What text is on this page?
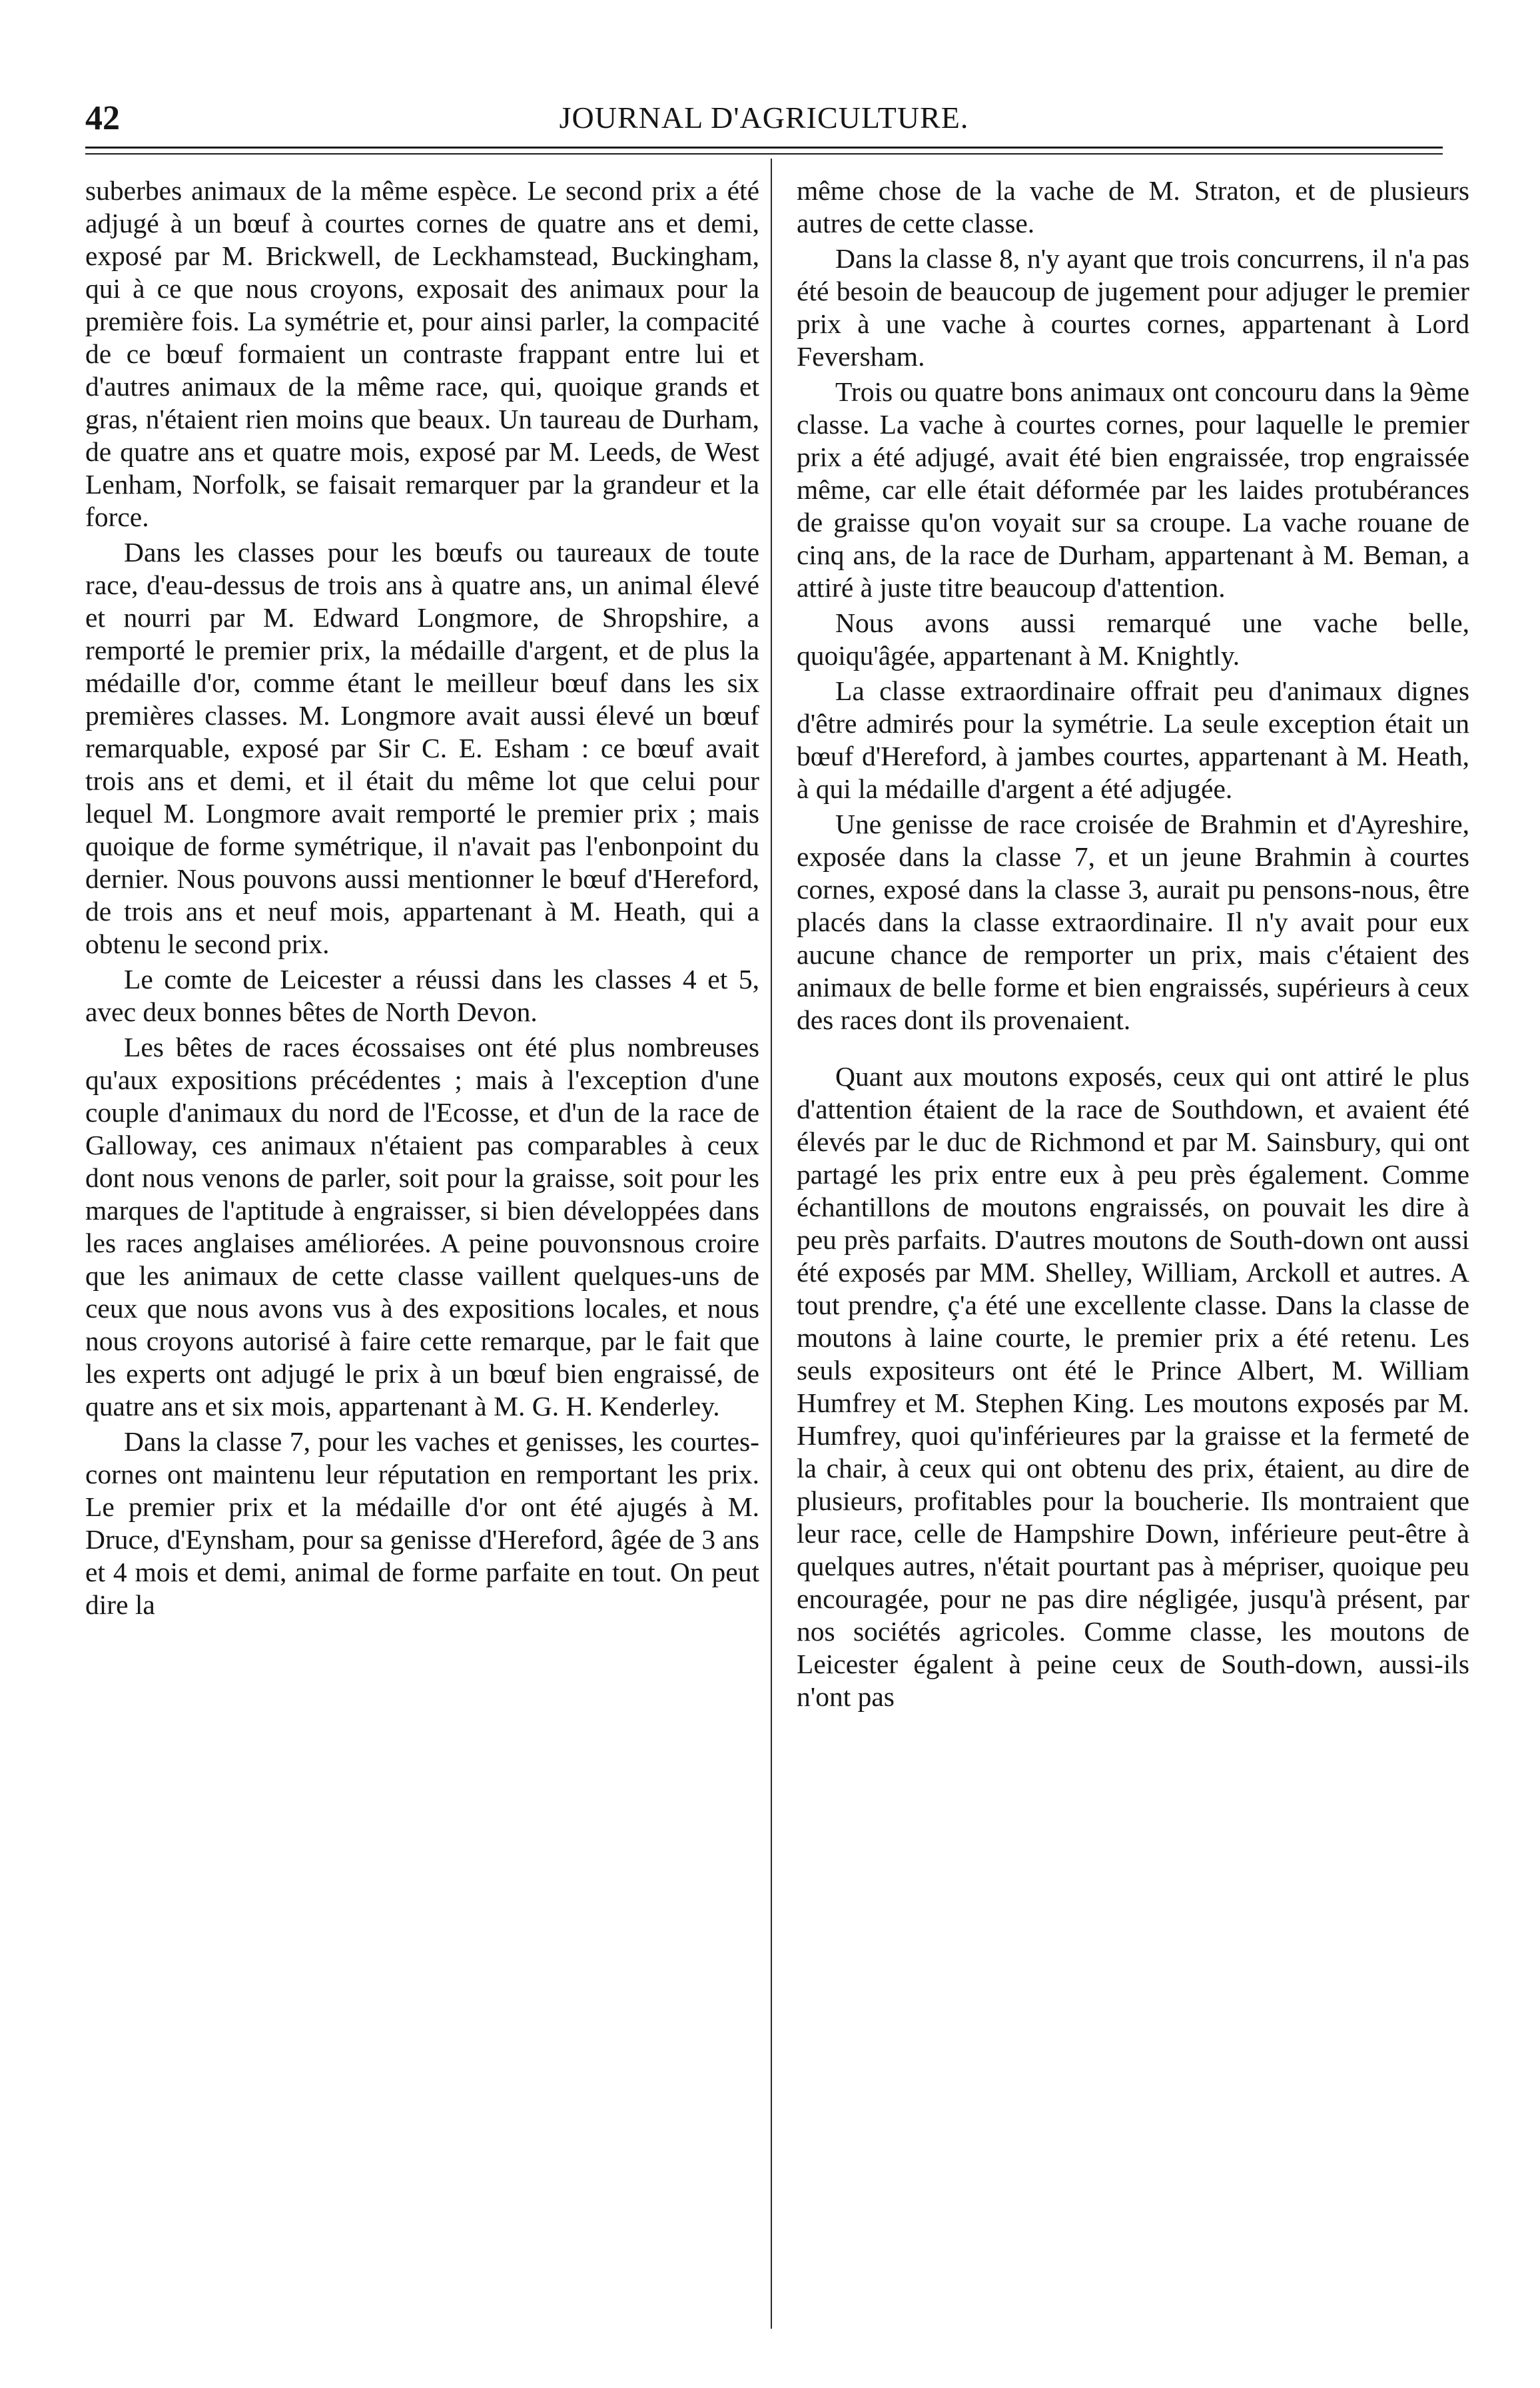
42	JOURNAL D'AGRICULTURE.

suberbes animaux de la même espèce. Le second prix a été adjugé à un bœuf à courtes cornes de quatre ans et demi, exposé par M. Brickwell, de Leckhamstead, Buckingham, qui à ce que nous croyons, exposait des animaux pour la première fois. La symétrie et, pour ainsi parler, la compacité de ce bœuf formaient un contraste frappant entre lui et d'autres animaux de la même race, qui, quoique grands et gras, n'étaient rien moins que beaux. Un taureau de Durham, de quatre ans et quatre mois, exposé par M. Leeds, de West Lenham, Norfolk, se faisait remarquer par la grandeur et la force.

Dans les classes pour les bœufs ou taureaux de toute race, d'eau-dessus de trois ans à quatre ans, un animal élevé et nourri par M. Edward Longmore, de Shropshire, a remporté le premier prix, la médaille d'argent, et de plus la médaille d'or, comme étant le meilleur bœuf dans les six premières classes. M. Longmore avait aussi élevé un bœuf remarquable, exposé par Sir C. E. Esham : ce bœuf avait trois ans et demi, et il était du même lot que celui pour lequel M. Longmore avait remporté le premier prix ; mais quoique de forme symétrique, il n'avait pas l'enbonpoint du dernier. Nous pouvons aussi mentionner le bœuf d'Hereford, de trois ans et neuf mois, appartenant à M. Heath, qui a obtenu le second prix.

Le comte de Leicester a réussi dans les classes 4 et 5, avec deux bonnes bêtes de North Devon.

Les bêtes de races écossaises ont été plus nombreuses qu'aux expositions précédentes ; mais à l'exception d'une couple d'animaux du nord de l'Ecosse, et d'un de la race de Galloway, ces animaux n'étaient pas comparables à ceux dont nous venons de parler, soit pour la graisse, soit pour les marques de l'aptitude à engraisser, si bien développées dans les races anglaises améliorées. A peine pouvonsnous croire que les animaux de cette classe vaillent quelques-uns de ceux que nous avons vus à des expositions locales, et nous nous croyons autorisé à faire cette remarque, par le fait que les experts ont adjugé le prix à un bœuf bien engraissé, de quatre ans et six mois, appartenant à M. G. H. Kenderley.

Dans la classe 7, pour les vaches et genisses, les courtes-cornes ont maintenu leur réputation en remportant les prix. Le premier prix et la médaille d'or ont été ajugés à M. Druce, d'Eynsham, pour sa genisse d'Hereford, âgée de 3 ans et 4 mois et demi, animal de forme parfaite en tout. On peut dire la

même chose de la vache de M. Straton, et de plusieurs autres de cette classe.

Dans la classe 8, n'y ayant que trois concurrens, il n'a pas été besoin de beaucoup de jugement pour adjuger le premier prix à une vache à courtes cornes, appartenant à Lord Feversham.

Trois ou quatre bons animaux ont concouru dans la 9ème classe. La vache à courtes cornes, pour laquelle le premier prix a été adjugé, avait été bien engraissée, trop engraissée même, car elle était déformée par les laides protubérances de graisse qu'on voyait sur sa croupe. La vache rouane de cinq ans, de la race de Durham, appartenant à M. Beman, a attiré à juste titre beaucoup d'attention.

Nous avons aussi remarqué une vache belle, quoiqu'âgée, appartenant à M. Knightly.

La classe extraordinaire offrait peu d'animaux dignes d'être admirés pour la symétrie. La seule exception était un bœuf d'Hereford, à jambes courtes, appartenant à M. Heath, à qui la médaille d'argent a été adjugée.

Une genisse de race croisée de Brahmin et d'Ayreshire, exposée dans la classe 7, et un jeune Brahmin à courtes cornes, exposé dans la classe 3, aurait pu pensons-nous, être placés dans la classe extraordinaire. Il n'y avait pour eux aucune chance de remporter un prix, mais c'étaient des animaux de belle forme et bien engraissés, supérieurs à ceux des races dont ils provenaient.

Quant aux moutons exposés, ceux qui ont attiré le plus d'attention étaient de la race de Southdown, et avaient été élevés par le duc de Richmond et par M. Sainsbury, qui ont partagé les prix entre eux à peu près également. Comme échantillons de moutons engraissés, on pouvait les dire à peu près parfaits. D'autres moutons de South-down ont aussi été exposés par MM. Shelley, William, Arckoll et autres. A tout prendre, ç'a été une excellente classe. Dans la classe de moutons à laine courte, le premier prix a été retenu. Les seuls expositeurs ont été le Prince Albert, M. William Humfrey et M. Stephen King. Les moutons exposés par M. Humfrey, quoi qu'inférieures par la graisse et la fermeté de la chair, à ceux qui ont obtenu des prix, étaient, au dire de plusieurs, profitables pour la boucherie. Ils montraient que leur race, celle de Hampshire Down, inférieure peut-être à quelques autres, n'était pourtant pas à mépriser, quoique peu encouragée, pour ne pas dire négligée, jusqu'à présent, par nos sociétés agricoles. Comme classe, les moutons de Leicester égalent à peine ceux de South-down, aussi-ils n'ont pas
